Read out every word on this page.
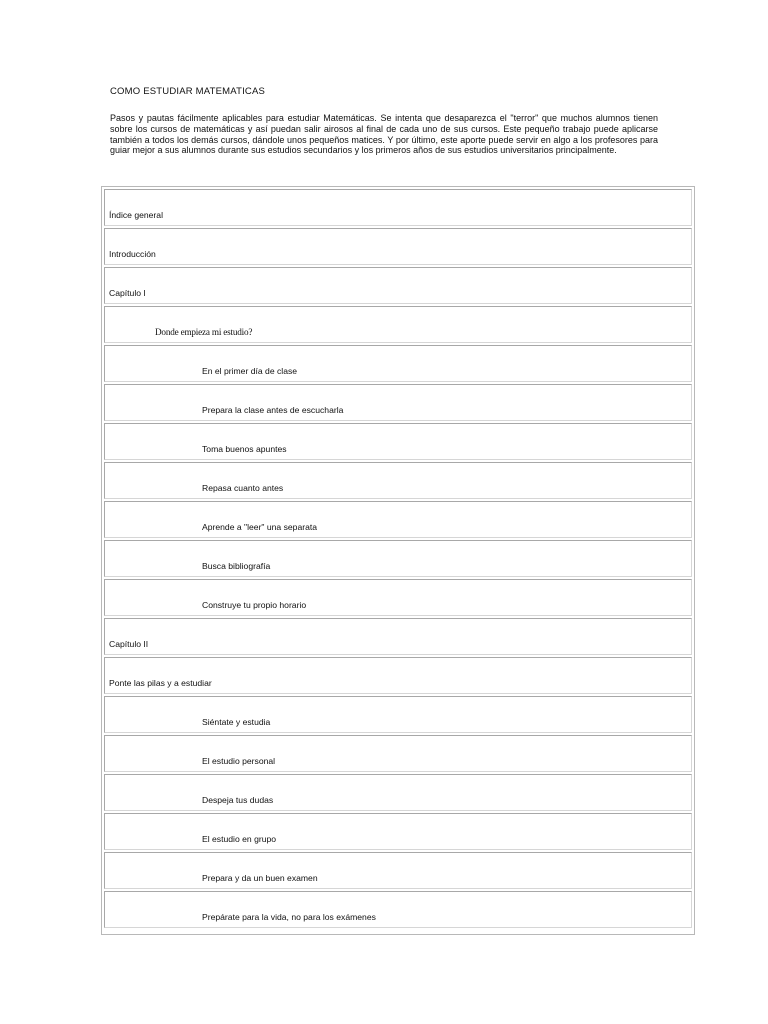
COMO ESTUDIAR MATEMATICAS

Pasos y pautas fácilmente aplicables para estudiar Matemáticas. Se intenta que desaparezca el "terror" que muchos alumnos tienen sobre los cursos de matemáticas y así puedan salir airosos al final de cada uno de sus cursos. Este pequeño trabajo puede aplicarse también a todos los demás cursos, dándole unos pequeños matices. Y por último, este aporte puede servir en algo a los profesores para guiar mejor a sus alumnos durante sus estudios secundarios y los primeros años de sus estudios universitarios principalmente.

Índice general
Introducción
Capítulo I
Donde empieza mi estudio?
En el primer día de clase
Prepara la clase antes de escucharla
Toma buenos apuntes
Repasa cuanto antes
Aprende a "leer" una separata
Busca bibliografía
Construye tu propio horario
Capítulo II
Ponte las pilas y a estudiar
Siéntate y estudia
El estudio personal
Despeja tus dudas
El estudio en grupo
Prepara y da un buen examen
Prepárate para la vida, no para los exámenes
